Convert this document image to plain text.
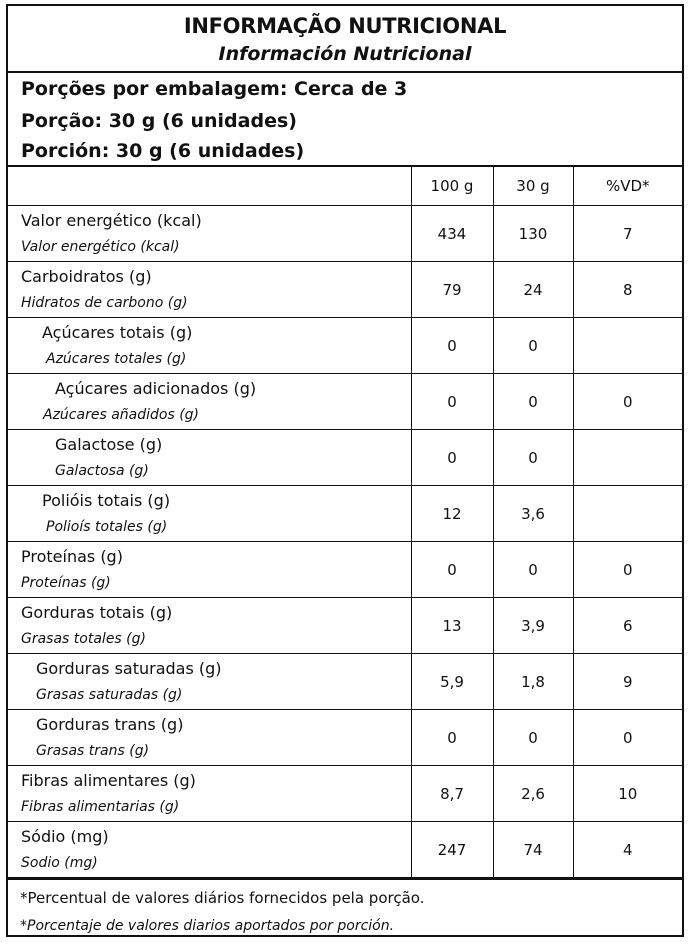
INFORMAÇÃO NUTRICIONAL
Información Nutricional
Porções por embalagem: Cerca de 3
Porção: 30 g (6 unidades)
Porción: 30 g (6 unidades)
	100 g	30 g	%VD*

Valor energético (kcal)
Valor energético (kcal)	434	130	7

Carboidratos (g)
Hidratos de carbono (g)	79	24	8

Açúcares totais (g)
Azúcares totales (g)	0	0	

Açúcares adicionados (g)
Azúcares añadidos (g)	0	0	0

Galactose (g)
Galactosa (g)	0	0	

Polióis totais (g)
Polioís totales (g)	12	3,6	

Proteínas (g)
Proteínas (g)	0	0	0

Gorduras totais (g)
Grasas totales (g)	13	3,9	6

Gorduras saturadas (g)
Grasas saturadas (g)	5,9	1,8	9

Gorduras trans (g)
Grasas trans (g)	0	0	0

Fibras alimentares (g)
Fibras alimentarias (g)	8,7	2,6	10

Sódio (mg)
Sodio (mg)	247	74	4
*Percentual de valores diários fornecidos pela porção.
*Porcentaje de valores diarios aportados por porción.
